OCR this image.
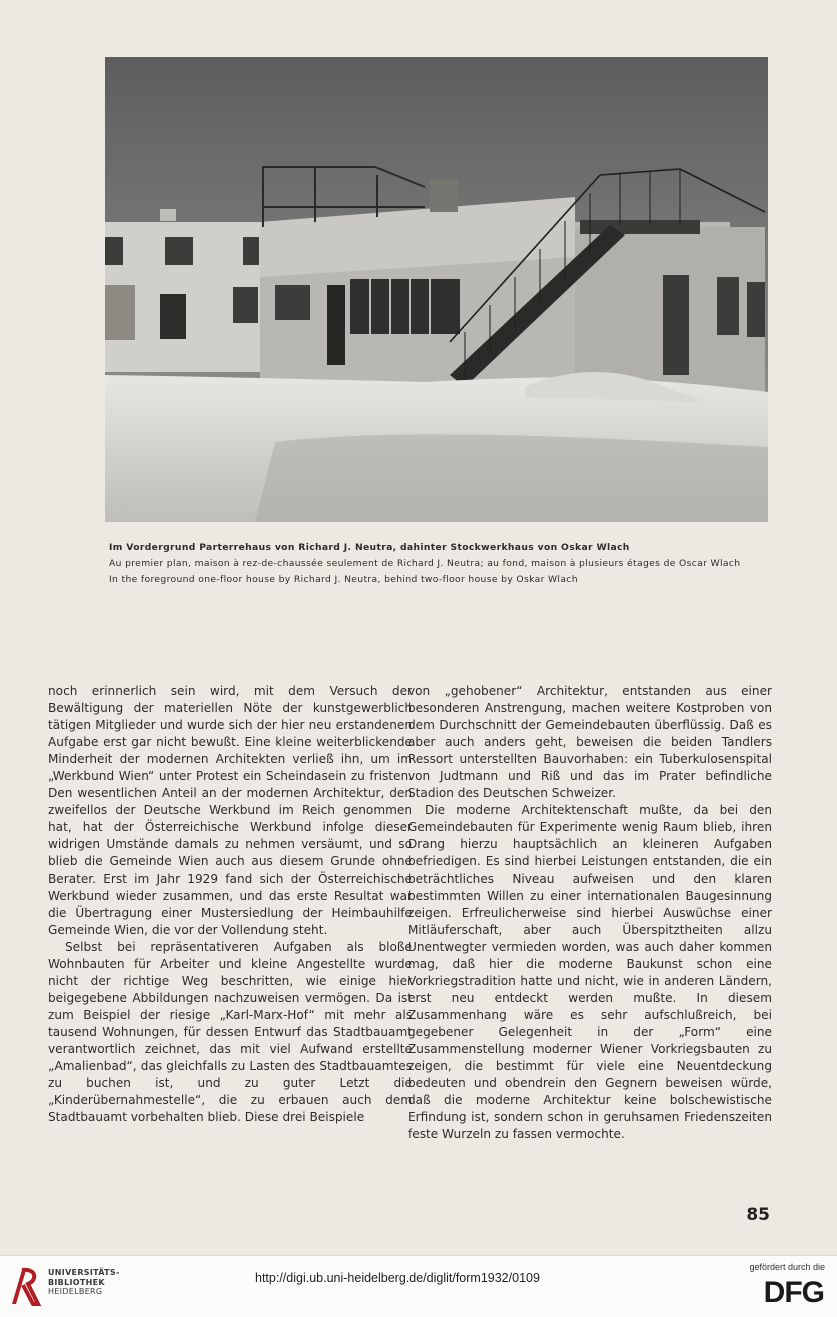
Im Vordergrund Parterrehaus von Richard J. Neutra, dahinter Stockwerkhaus von Oskar Wlach
Au premier plan, maison à rez-de-chaussée seulement de Richard J. Neutra; au fond, maison à plusieurs étages de Oscar Wlach
In the foreground one-floor house by Richard J. Neutra, behind two-floor house by Oskar Wlach

noch erinnerlich sein wird, mit dem Versuch der Bewältigung der materiellen Nöte der kunstgewerblich tätigen Mitglieder und wurde sich der hier neu erstandenen Aufgabe erst gar nicht bewußt. Eine kleine weiterblickende Minderheit der modernen Architekten verließ ihn, um im „Werkbund Wien“ unter Protest ein Scheindasein zu fristen. Den wesentlichen Anteil an der modernen Architektur, den zweifellos der Deutsche Werkbund im Reich genommen hat, hat der Österreichische Werkbund infolge dieser widrigen Umstände damals zu nehmen versäumt, und so blieb die Gemeinde Wien auch aus diesem Grunde ohne Berater. Erst im Jahr 1929 fand sich der Österreichische Werkbund wieder zusammen, und das erste Resultat war die Übertragung einer Mustersiedlung der Heimbauhilfe Gemeinde Wien, die vor der Vollendung steht.

Selbst bei repräsentativeren Aufgaben als bloße Wohnbauten für Arbeiter und kleine Angestellte wurde nicht der richtige Weg beschritten, wie einige hier beigegebene Abbildungen nachzuweisen vermögen. Da ist zum Beispiel der riesige „Karl-Marx-Hof“ mit mehr als tausend Wohnungen, für dessen Entwurf das Stadtbauamt verantwortlich zeichnet, das mit viel Aufwand erstellte „Amalienbad“, das gleichfalls zu Lasten des Stadtbauamtes zu buchen ist, und zu guter Letzt die „Kinderübernahmestelle“, die zu erbauen auch dem Stadtbauamt vorbehalten blieb. Diese drei Beispiele

von „gehobener“ Architektur, entstanden aus einer besonderen Anstrengung, machen weitere Kostproben von dem Durchschnitt der Gemeindebauten überflüssig. Daß es aber auch anders geht, beweisen die beiden Tandlers Ressort unterstellten Bauvorhaben: ein Tuberkulosenspital von Judtmann und Riß und das im Prater befindliche Stadion des Deutschen Schweizer.

Die moderne Architektenschaft mußte, da bei den Gemeindebauten für Experimente wenig Raum blieb, ihren Drang hierzu hauptsächlich an kleineren Aufgaben befriedigen. Es sind hierbei Leistungen entstanden, die ein beträchtliches Niveau aufweisen und den klaren bestimmten Willen zu einer internationalen Baugesinnung zeigen. Erfreulicherweise sind hierbei Auswüchse einer Mitläuferschaft, aber auch Überspitztheiten allzu Unentwegter vermieden worden, was auch daher kommen mag, daß hier die moderne Baukunst schon eine Vorkriegstradition hatte und nicht, wie in anderen Ländern, erst neu entdeckt werden mußte. In diesem Zusammenhang wäre es sehr aufschlußreich, bei gegebener Gelegenheit in der „Form“ eine Zusammenstellung moderner Wiener Vorkriegsbauten zu zeigen, die bestimmt für viele eine Neuentdeckung bedeuten und obendrein den Gegnern beweisen würde, daß die moderne Architektur keine bolschewistische Erfindung ist, sondern schon in geruhsamen Friedenszeiten feste Wurzeln zu fassen vermochte.

85
UNIVERSITÄTS-
BIBLIOTHEK
HEIDELBERG
http://digi.ub.uni-heidelberg.de/diglit/form1932/0109
gefördert durch die
DFG
